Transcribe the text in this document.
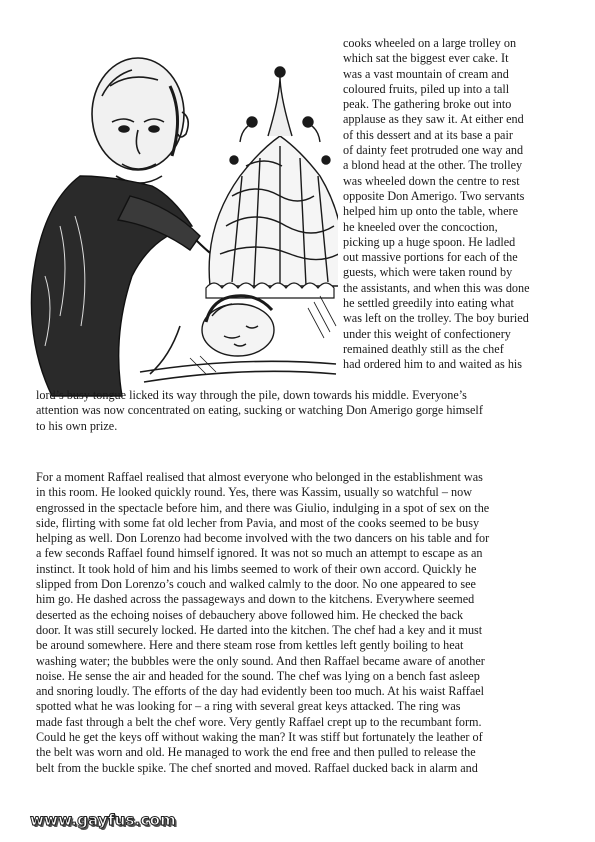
cooks wheeled on a large trolley on
which sat the biggest ever cake. It
was a vast mountain of cream and
coloured fruits, piled up into a tall
peak. The gathering broke out into
applause as they saw it. At either end
of this dessert and at its base a pair
of dainty feet protruded one way and
a blond head at the other. The trolley
was wheeled down the centre to rest
opposite Don Amerigo. Two servants
helped him up onto the table, where
he kneeled over the concoction,
picking up a huge spoon. He ladled
out massive portions for each of the
guests, which were taken round by
the assistants, and when this was done
he settled greedily into eating what
was left on the trolley. The boy buried
under this weight of confectionery
remained deathly still as the chef
had ordered him to and waited as his

lord’s busy tongue licked its way through the pile, down towards his middle. Everyone’s
attention was now concentrated on eating, sucking or watching Don Amerigo gorge himself
to his own prize.

For a moment Raffael realised that almost everyone who belonged in the establishment was
in this room. He looked quickly round. Yes, there was Kassim, usually so watchful – now
engrossed in the spectacle before him, and there was Giulio, indulging in a spot of sex on the
side, flirting with some fat old lecher from Pavia, and most of the cooks seemed to be busy
helping as well. Don Lorenzo had become involved with the two dancers on his table and for
a few seconds Raffael found himself ignored. It was not so much an attempt to escape as an
instinct. It took hold of him and his limbs seemed to work of their own accord. Quickly he
slipped from Don Lorenzo’s couch and walked calmly to the door. No one appeared to see
him go. He dashed across the passageways and down to the kitchens. Everywhere seemed
deserted as the echoing noises of debauchery above followed him. He checked the back
door. It was still securely locked. He darted into the kitchen. The chef had a key and it must
be around somewhere. Here and there steam rose from kettles left gently boiling to heat
washing water; the bubbles were the only sound. And then Raffael became aware of another
noise. He sense the air and headed for the sound. The chef was lying on a bench fast asleep
and snoring loudly. The efforts of the day had evidently been too much. At his waist Raffael
spotted what he was looking for – a ring with several great keys attacked. The ring was
made fast through a belt the chef wore. Very gently Raffael crept up to the recumbant form.
Could he get the keys off without waking the man? It was stiff but fortunately the leather of
the belt was worn and old. He managed to work the end free and then pulled to release the
belt from the buckle spike. The chef snorted and moved. Raffael ducked back in alarm and

www.gayfus.com
